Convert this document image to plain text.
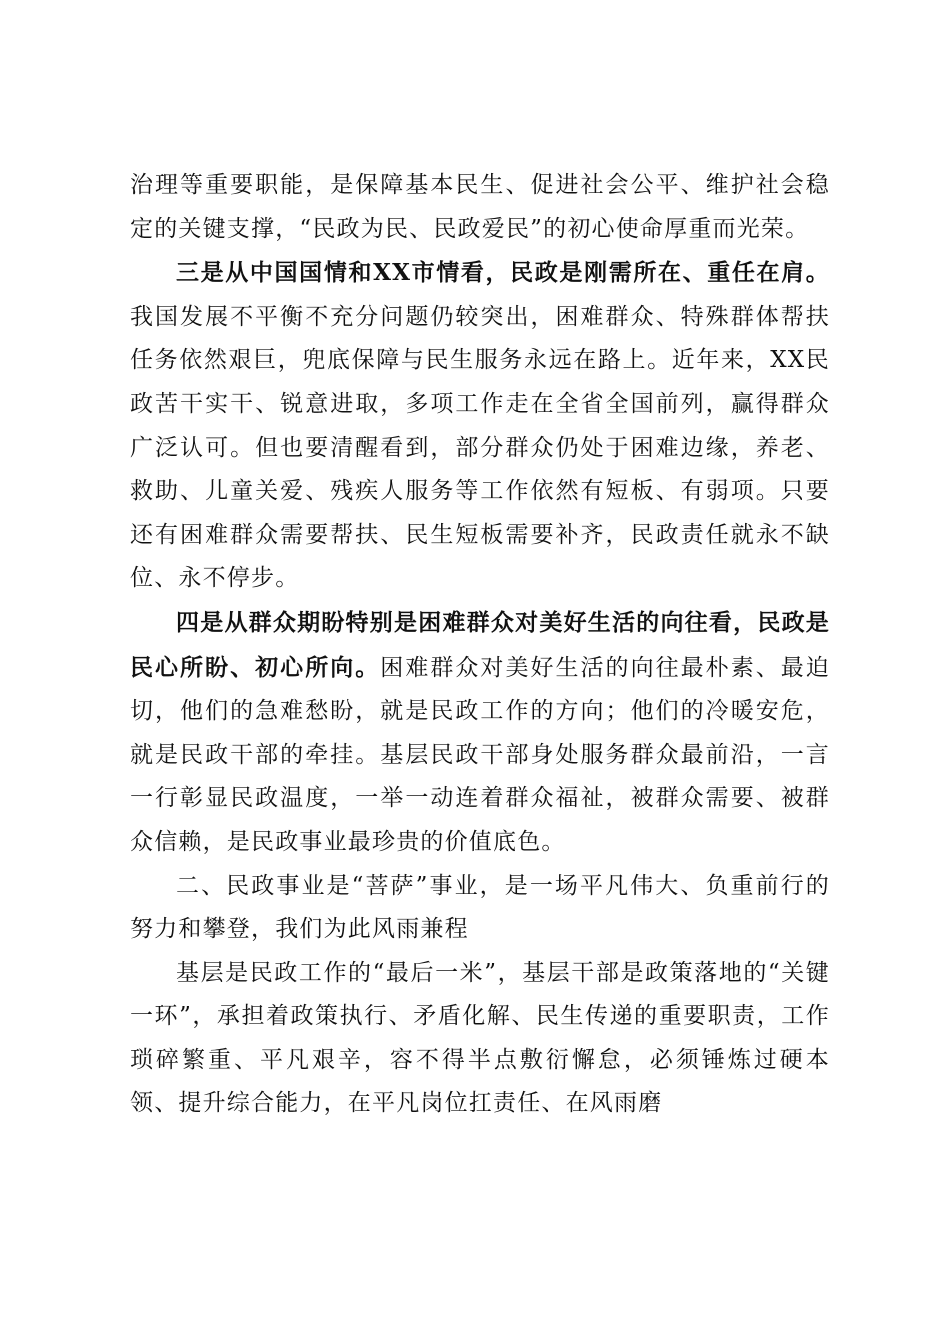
治理等重要职能，是保障基本民生、促进社会公平、维护社会稳定的关键支撑，“民政为民、民政爱民”的初心使命厚重而光荣。

三是从中国国情和XX市情看，民政是刚需所在、重任在肩。我国发展不平衡不充分问题仍较突出，困难群众、特殊群体帮扶任务依然艰巨，兜底保障与民生服务永远在路上。近年来，XX民政苦干实干、锐意进取，多项工作走在全省全国前列，赢得群众广泛认可。但也要清醒看到，部分群众仍处于困难边缘，养老、救助、儿童关爱、残疾人服务等工作依然有短板、有弱项。只要还有困难群众需要帮扶、民生短板需要补齐，民政责任就永不缺位、永不停步。

四是从群众期盼特别是困难群众对美好生活的向往看，民政是民心所盼、初心所向。困难群众对美好生活的向往最朴素、最迫切，他们的急难愁盼，就是民政工作的方向；他们的冷暖安危，就是民政干部的牵挂。基层民政干部身处服务群众最前沿，一言一行彰显民政温度，一举一动连着群众福祉，被群众需要、被群众信赖，是民政事业最珍贵的价值底色。

二、民政事业是“菩萨”事业，是一场平凡伟大、负重前行的努力和攀登，我们为此风雨兼程

基层是民政工作的“最后一米”，基层干部是政策落地的“关键一环”，承担着政策执行、矛盾化解、民生传递的重要职责，工作琐碎繁重、平凡艰辛，容不得半点敷衍懈怠，必须锤炼过硬本领、提升综合能力，在平凡岗位扛责任、在风雨磨
